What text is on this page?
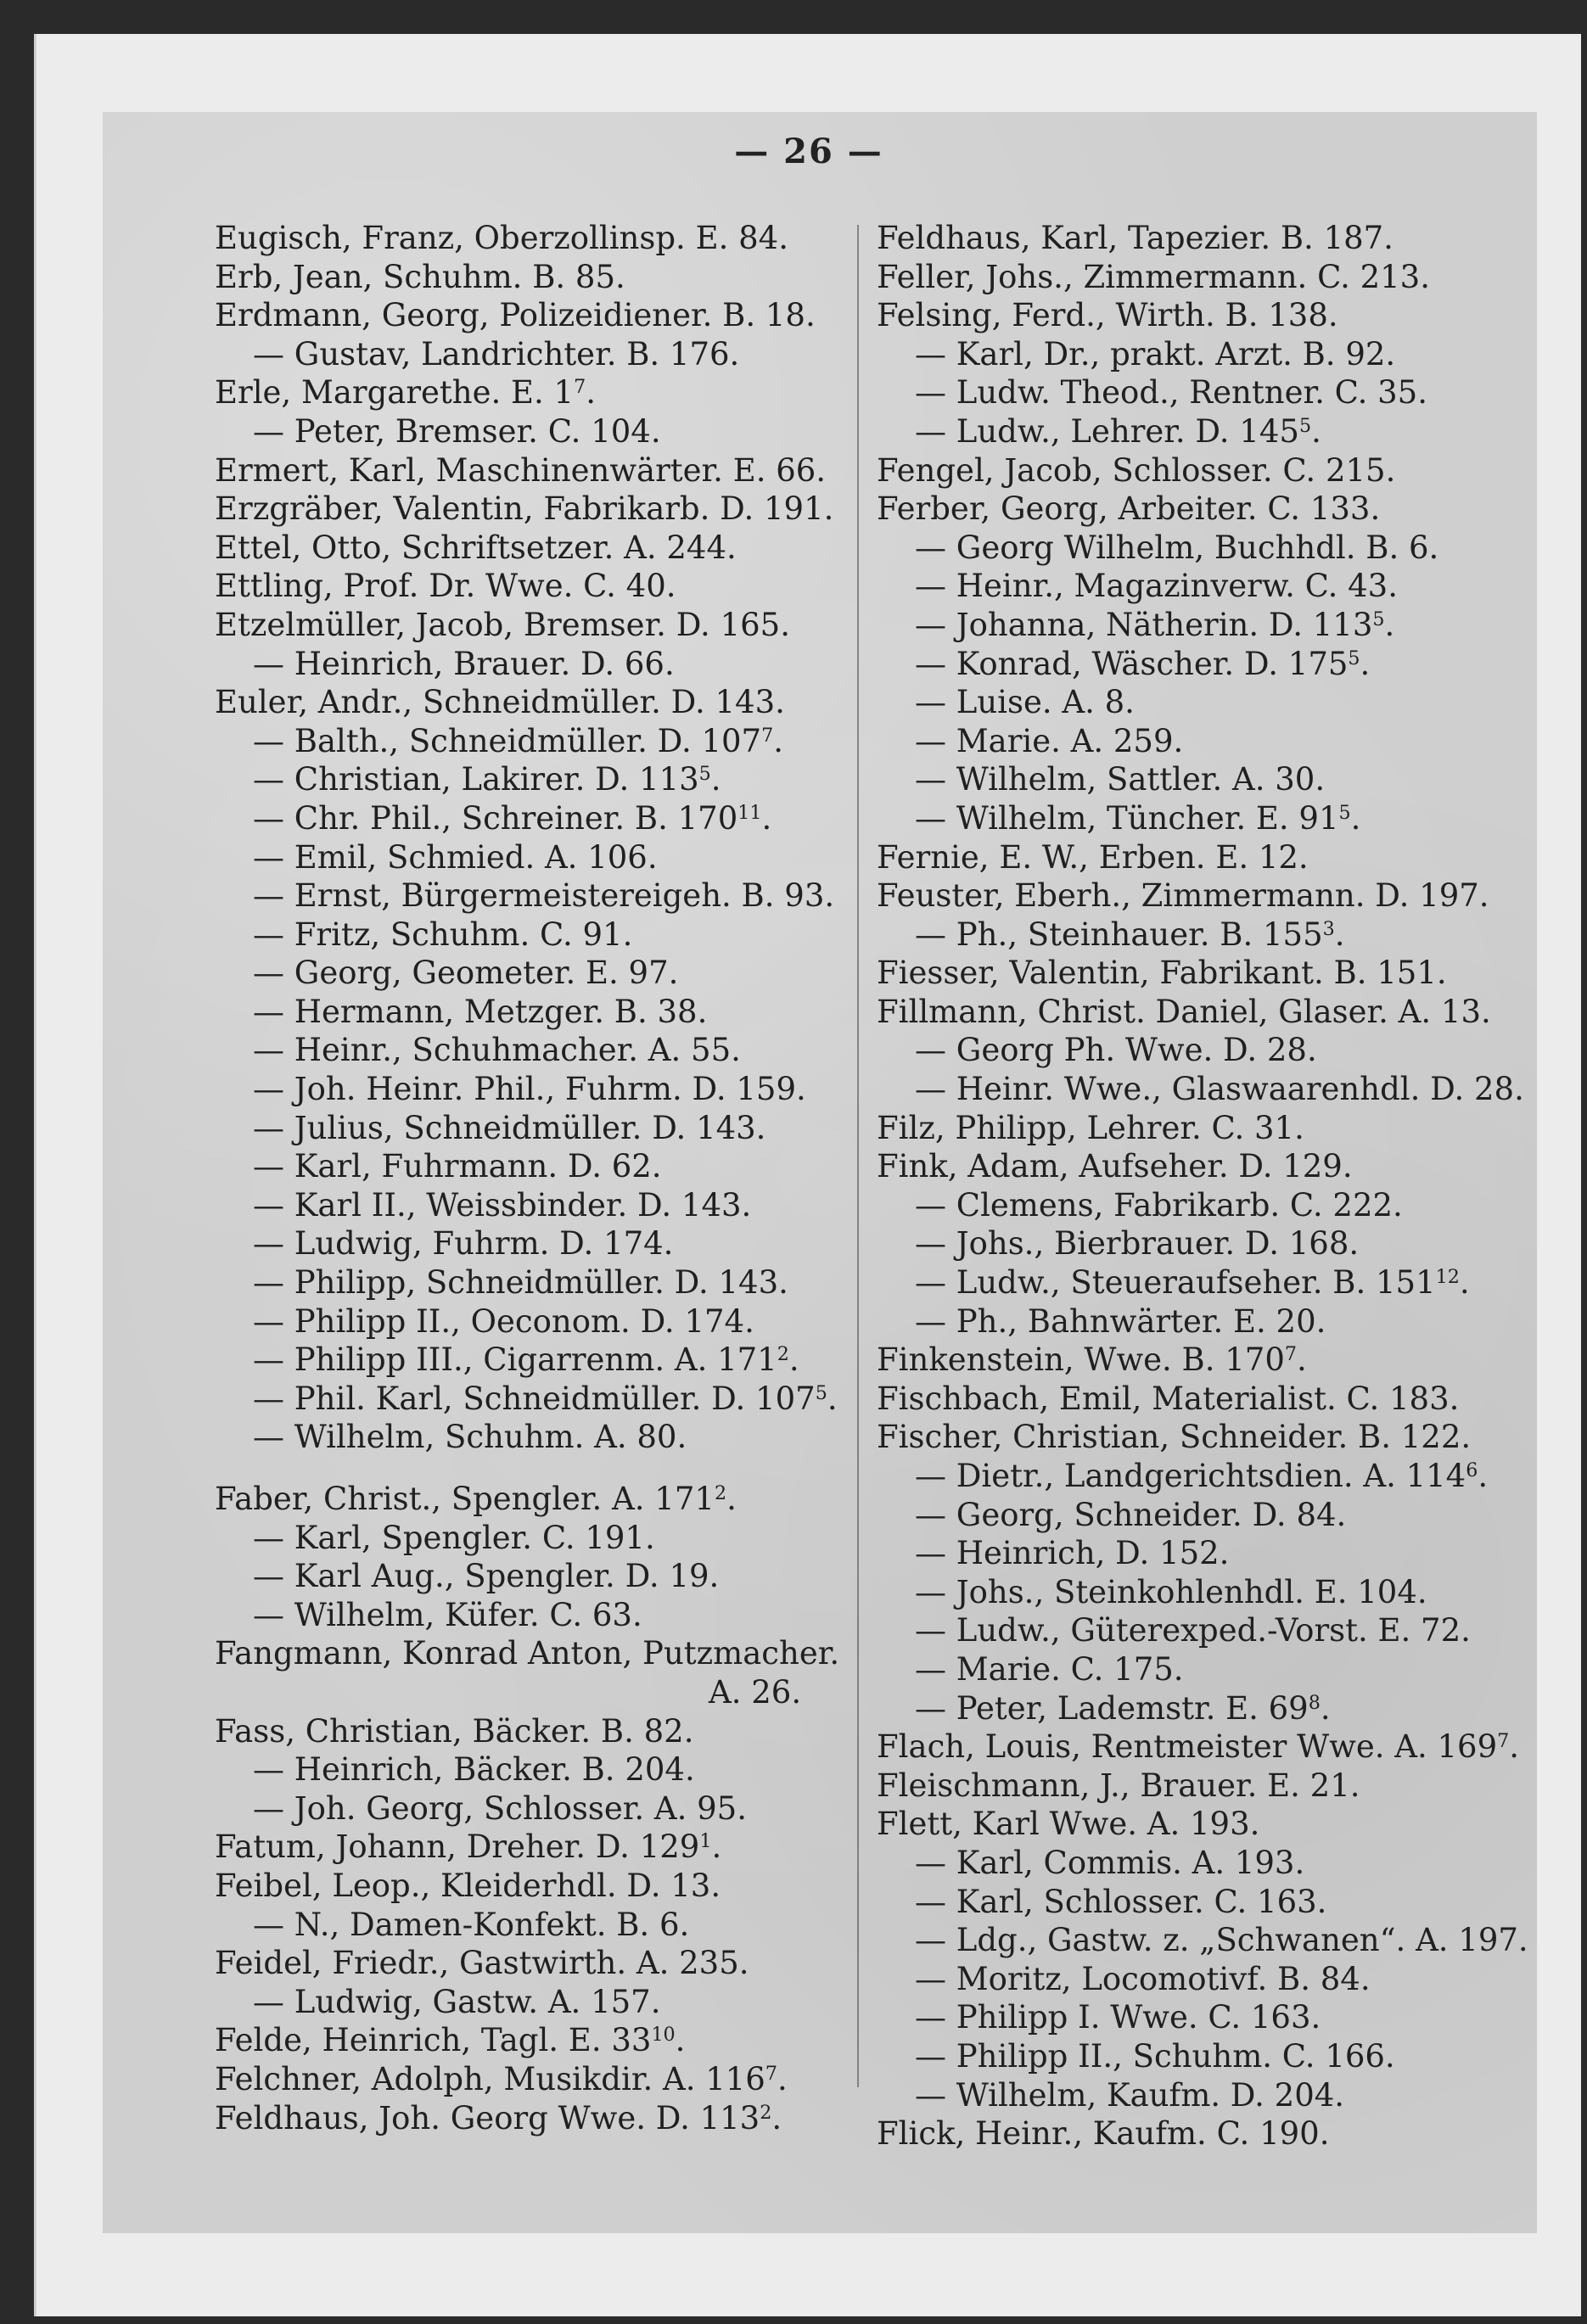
— 26 —
Eugisch, Franz, Oberzollinsp. E. 84.
Erb, Jean, Schuhm. B. 85.
Erdmann, Georg, Polizeidiener. B. 18.
— Gustav, Landrichter. B. 176.
Erle, Margarethe. E. $1^7$.
— Peter, Bremser. C. 104.
Ermert, Karl, Maschinenwärter. E. 66.
Erzgräber, Valentin, Fabrikarb. D. 191.
Ettel, Otto, Schriftsetzer. A. 244.
Ettling, Prof. Dr. Wwe. C. 40.
Etzelmüller, Jacob, Bremser. D. 165.
— Heinrich, Brauer. D. 66.
Euler, Andr., Schneidmüller. D. 143.
— Balth., Schneidmüller. D. $107^7$.
— Christian, Lakirer. D. $113^5$.
— Chr. Phil., Schreiner. B. $170^{11}$.
— Emil, Schmied. A. 106.
— Ernst, Bürgermeistereigeh. B. 93.
— Fritz, Schuhm. C. 91.
— Georg, Geometer. E. 97.
— Hermann, Metzger. B. 38.
— Heinr., Schuhmacher. A. 55.
— Joh. Heinr. Phil., Fuhrm. D. 159.
— Julius, Schneidmüller. D. 143.
— Karl, Fuhrmann. D. 62.
— Karl II., Weissbinder. D. 143.
— Ludwig, Fuhrm. D. 174.
— Philipp, Schneidmüller. D. 143.
— Philipp II., Oeconom. D. 174.
— Philipp III., Cigarrenm. A. $171^2$.
— Phil. Karl, Schneidmüller. D. $107^5$.
— Wilhelm, Schuhm. A. 80.
Faber, Christ., Spengler. A. $171^2$.
— Karl, Spengler. C. 191.
— Karl Aug., Spengler. D. 19.
— Wilhelm, Küfer. C. 63.
Fangmann, Konrad Anton, Putzmacher.
A. 26.
Fass, Christian, Bäcker. B. 82.
— Heinrich, Bäcker. B. 204.
— Joh. Georg, Schlosser. A. 95.
Fatum, Johann, Dreher. D. $129^1$.
Feibel, Leop., Kleiderhdl. D. 13.
— N., Damen-Konfekt. B. 6.
Feidel, Friedr., Gastwirth. A. 235.
— Ludwig, Gastw. A. 157.
Felde, Heinrich, Tagl. E. $33^{10}$.
Felchner, Adolph, Musikdir. A. $116^7$.
Feldhaus, Joh. Georg Wwe. D. $113^2$.
Feldhaus, Karl, Tapezier. B. 187.
Feller, Johs., Zimmermann. C. 213.
Felsing, Ferd., Wirth. B. 138.
— Karl, Dr., prakt. Arzt. B. 92.
— Ludw. Theod., Rentner. C. 35.
— Ludw., Lehrer. D. $145^5$.
Fengel, Jacob, Schlosser. C. 215.
Ferber, Georg, Arbeiter. C. 133.
— Georg Wilhelm, Buchhdl. B. 6.
— Heinr., Magazinverw. C. 43.
— Johanna, Nätherin. D. $113^5$.
— Konrad, Wäscher. D. $175^5$.
— Luise. A. 8.
— Marie. A. 259.
— Wilhelm, Sattler. A. 30.
— Wilhelm, Tüncher. E. $91^5$.
Fernie, E. W., Erben. E. 12.
Feuster, Eberh., Zimmermann. D. 197.
— Ph., Steinhauer. B. $155^3$.
Fiesser, Valentin, Fabrikant. B. 151.
Fillmann, Christ. Daniel, Glaser. A. 13.
— Georg Ph. Wwe. D. 28.
— Heinr. Wwe., Glaswaarenhdl. D. 28.
Filz, Philipp, Lehrer. C. 31.
Fink, Adam, Aufseher. D. 129.
— Clemens, Fabrikarb. C. 222.
— Johs., Bierbrauer. D. 168.
— Ludw., Steueraufseher. B. $151^{12}$.
— Ph., Bahnwärter. E. 20.
Finkenstein, Wwe. B. $170^7$.
Fischbach, Emil, Materialist. C. 183.
Fischer, Christian, Schneider. B. 122.
— Dietr., Landgerichtsdien. A. $114^6$.
— Georg, Schneider. D. 84.
— Heinrich, D. 152.
— Johs., Steinkohlenhdl. E. 104.
— Ludw., Güterexped.-Vorst. E. 72.
— Marie. C. 175.
— Peter, Lademstr. E. $69^8$.
Flach, Louis, Rentmeister Wwe. A. $169^7$.
Fleischmann, J., Brauer. E. 21.
Flett, Karl Wwe. A. 193.
— Karl, Commis. A. 193.
— Karl, Schlosser. C. 163.
— Ldg., Gastw. z. „Schwanen“. A. 197.
— Moritz, Locomotivf. B. 84.
— Philipp I. Wwe. C. 163.
— Philipp II., Schuhm. C. 166.
— Wilhelm, Kaufm. D. 204.
Flick, Heinr., Kaufm. C. 190.
